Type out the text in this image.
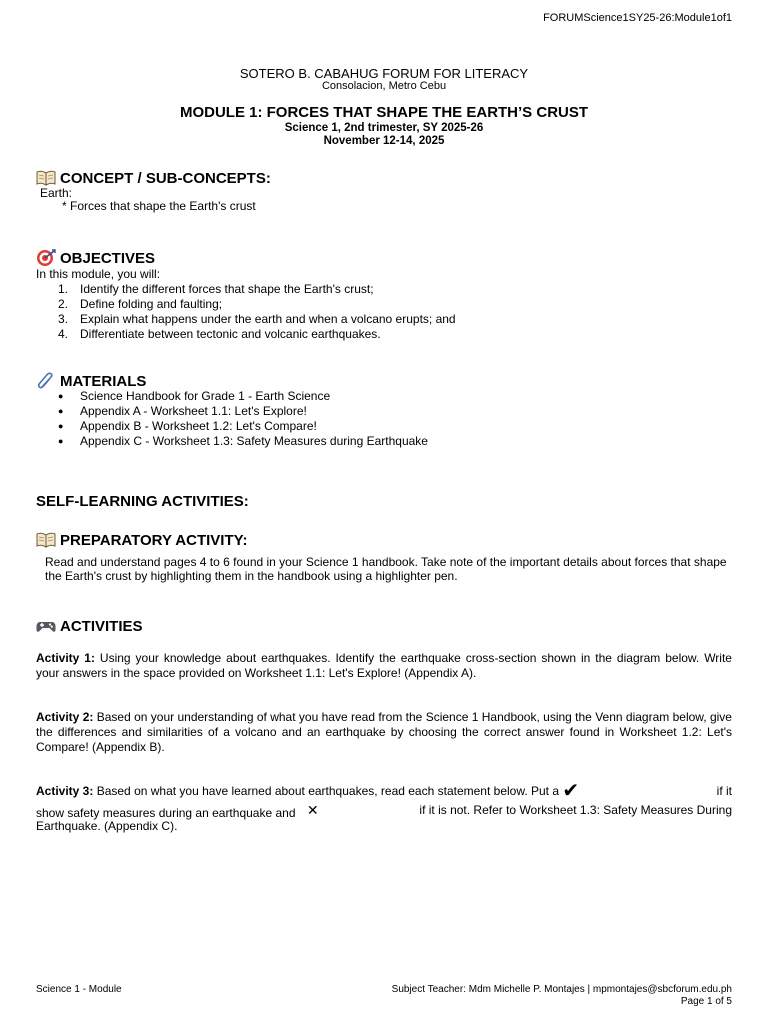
FORUMScience1SY25-26:Module1of1
SOTERO B. CABAHUG FORUM FOR LITERACY
Consolacion, Metro Cebu
MODULE 1: FORCES THAT SHAPE THE EARTH’S CRUST
Science 1, 2nd trimester, SY 2025-26
November 12-14, 2025
CONCEPT / SUB-CONCEPTS:
Earth:
* Forces that shape the Earth's crust
OBJECTIVES
In this module, you will:
1. Identify the different forces that shape the Earth's crust;
2. Define folding and faulting;
3. Explain what happens under the earth and when a volcano erupts; and
4. Differentiate between tectonic and volcanic earthquakes.
MATERIALS
● Science Handbook for Grade 1 - Earth Science
● Appendix A - Worksheet 1.1: Let's Explore!
● Appendix B - Worksheet 1.2: Let's Compare!
● Appendix C - Worksheet 1.3: Safety Measures during Earthquake
SELF-LEARNING ACTIVITIES:
PREPARATORY ACTIVITY:
Read and understand pages 4 to 6 found in your Science 1 handbook. Take note of the important details about forces that shape the Earth's crust by highlighting them in the handbook using a highlighter pen.
ACTIVITIES
Activity 1: Using your knowledge about earthquakes. Identify the earthquake cross-section shown in the diagram below. Write your answers in the space provided on Worksheet 1.1: Let's Explore! (Appendix A).
Activity 2: Based on your understanding of what you have read from the Science 1 Handbook, using the Venn diagram below, give the differences and similarities of a volcano and an earthquake by choosing the correct answer found in Worksheet 1.2: Let's Compare! (Appendix B).
Activity 3: Based on what you have learned about earthquakes, read each statement below. Put a ✔	if it
show safety measures during an earthquake and ✕	if it is not. Refer to Worksheet 1.3: Safety Measures During
Earthquake. (Appendix C).
Science 1 - Module	Subject Teacher: Mdm Michelle P. Montajes | mpmontajes@sbcforum.edu.ph
Page 1 of 5
